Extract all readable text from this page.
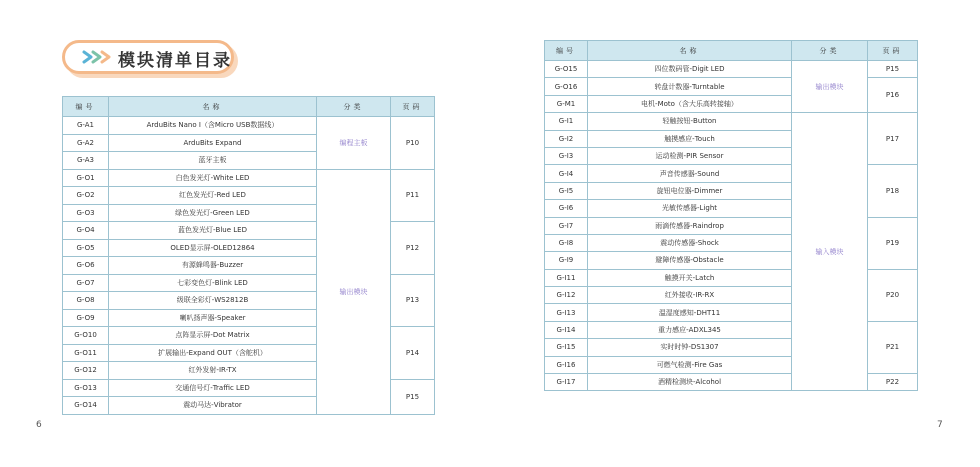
模块清单目录
编号	名称	分类	页码
G-A1	ArduBits Nano I（含Micro USB数据线）	编程主板	P10
G-A2	ArduBits Expand		
G-A3	蓝牙主板		
G-O1	白色发光灯-White LED	输出模块	P11
G-O2	红色发光灯-Red LED		
G-O3	绿色发光灯-Green LED		
G-O4	蓝色发光灯-Blue LED		P12
G-O5	OLED显示屏-OLED12864		
G-O6	有源蜂鸣器-Buzzer		
G-O7	七彩变色灯-Blink LED		P13
G-O8	级联全彩灯-WS2812B		
G-O9	喇叭扬声器-Speaker		
G-O10	点阵显示屏-Dot Matrix		P14
G-O11	扩展输出-Expand OUT（含舵机）		
G-O12	红外发射-IR-TX		
G-O13	交通信号灯-Traffic LED		P15
G-O14	震动马达-Vibrator		
编号	名称	分类	页码
G-O15	四位数码管-Digit LED	输出模块	P15
G-O16	转盘计数器-Turntable		P16
G-M1	电机-Moto（含大乐高转接轴）		
G-I1	轻触按钮-Button	输入模块	P17
G-I2	触摸感应-Touch		
G-I3	运动检测-PIR Sensor		
G-I4	声音传感器-Sound		P18
G-I5	旋钮电位器-Dimmer		
G-I6	光敏传感器-Light		
G-I7	雨滴传感器-Raindrop		P19
G-I8	震动传感器-Shock		
G-I9	避障传感器-Obstacle		
G-I11	触摸开关-Latch		P20
G-I12	红外接收-IR-RX		
G-I13	温湿度感知-DHT11		
G-I14	重力感应-ADXL345		P21
G-I15	实时时钟-DS1307		
G-I16	可燃气检测-Fire Gas		
G-I17	酒精检测块-Alcohol		P22
6	7
